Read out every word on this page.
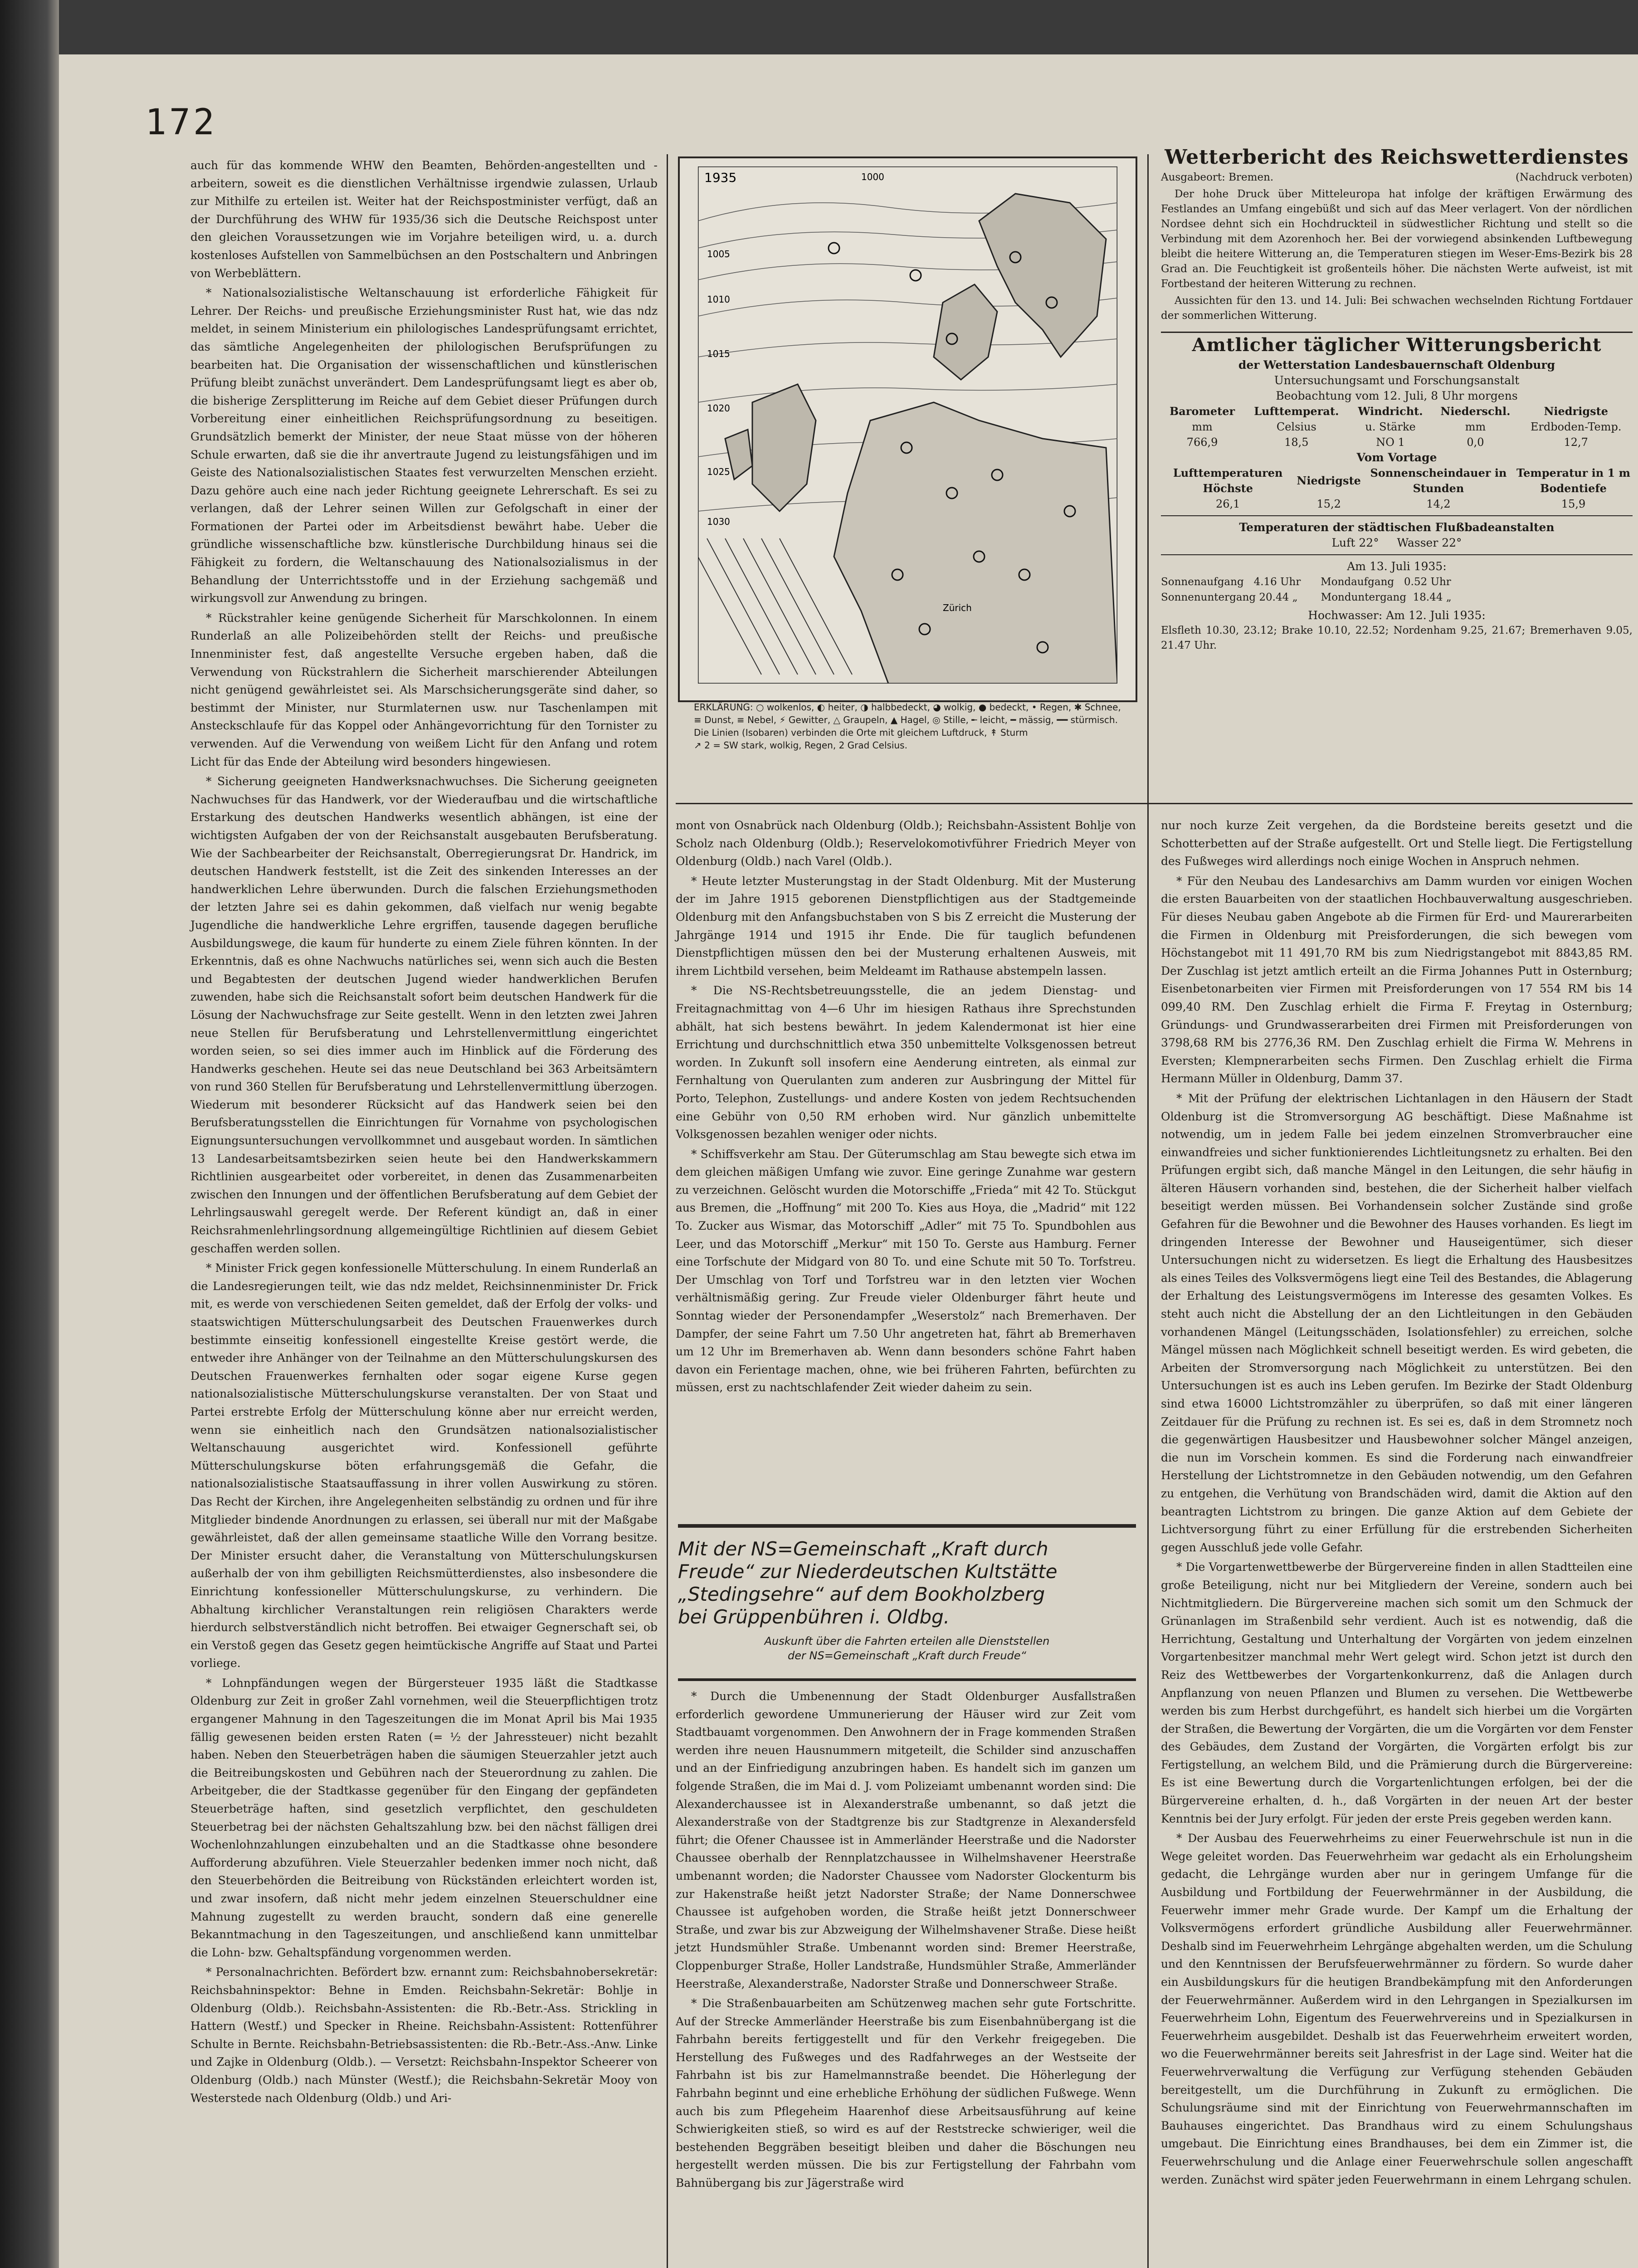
172

auch für das kommende WHW den Beamten, Behörden-angestellten und -arbeitern, soweit es die dienstlichen Verhältnisse irgendwie zulassen, Urlaub zur Mithilfe zu erteilen ist. Weiter hat der Reichspostminister verfügt, daß an der Durchführung des WHW für 1935/36 sich die Deutsche Reichspost unter den gleichen Voraussetzungen wie im Vorjahre beteiligen wird, u. a. durch kostenloses Aufstellen von Sammelbüchsen an den Postschaltern und Anbringen von Werbeblättern.

* Nationalsozialistische Weltanschauung ist erforderliche Fähigkeit für Lehrer. Der Reichs- und preußische Erziehungsminister Rust hat, wie das ndz meldet, in seinem Ministerium ein philologisches Landesprüfungsamt errichtet, das sämtliche Angelegenheiten der philologischen Berufsprüfungen zu bearbeiten hat. Die Organisation der wissenschaftlichen und künstlerischen Prüfung bleibt zunächst unverändert. Dem Landesprüfungsamt liegt es aber ob, die bisherige Zersplitterung im Reiche auf dem Gebiet dieser Prüfungen durch Vorbereitung einer einheitlichen Reichsprüfungsordnung zu beseitigen. Grundsätzlich bemerkt der Minister, der neue Staat müsse von der höheren Schule erwarten, daß sie die ihr anvertraute Jugend zu leistungsfähigen und im Geiste des Nationalsozialistischen Staates fest verwurzelten Menschen erzieht. Dazu gehöre auch eine nach jeder Richtung geeignete Lehrerschaft. Es sei zu verlangen, daß der Lehrer seinen Willen zur Gefolgschaft in einer der Formationen der Partei oder im Arbeitsdienst bewährt habe. Ueber die gründliche wissenschaftliche bzw. künstlerische Durchbildung hinaus sei die Fähigkeit zu fordern, die Weltanschauung des Nationalsozialismus in der Behandlung der Unterrichtsstoffe und in der Erziehung sachgemäß und wirkungsvoll zur Anwendung zu bringen.

* Rückstrahler keine genügende Sicherheit für Marschkolonnen. In einem Runderlaß an alle Polizeibehörden stellt der Reichs- und preußische Innenminister fest, daß angestellte Versuche ergeben haben, daß die Verwendung von Rückstrahlern die Sicherheit marschierender Abteilungen nicht genügend gewährleistet sei. Als Marschsicherungsgeräte sind daher, so bestimmt der Minister, nur Sturmlaternen usw. nur Taschenlampen mit Ansteckschlaufe für das Koppel oder Anhängevorrichtung für den Tornister zu verwenden. Auf die Verwendung von weißem Licht für den Anfang und rotem Licht für das Ende der Abteilung wird besonders hingewiesen.

* Sicherung geeigneten Handwerksnachwuchses. Die Sicherung geeigneten Nachwuchses für das Handwerk, vor der Wiederaufbau und die wirtschaftliche Erstarkung des deutschen Handwerks wesentlich abhängen, ist eine der wichtigsten Aufgaben der von der Reichsanstalt ausgebauten Berufsberatung. Wie der Sachbearbeiter der Reichsanstalt, Oberregierungsrat Dr. Handrick, im deutschen Handwerk feststellt, ist die Zeit des sinkenden Interesses an der handwerklichen Lehre überwunden. Durch die falschen Erziehungsmethoden der letzten Jahre sei es dahin gekommen, daß vielfach nur wenig begabte Jugendliche die handwerkliche Lehre ergriffen, tausende dagegen berufliche Ausbildungswege, die kaum für hunderte zu einem Ziele führen könnten. In der Erkenntnis, daß es ohne Nachwuchs natürliches sei, wenn sich auch die Besten und Begabtesten der deutschen Jugend wieder handwerklichen Berufen zuwenden, habe sich die Reichsanstalt sofort beim deutschen Handwerk für die Lösung der Nachwuchsfrage zur Seite gestellt. Wenn in den letzten zwei Jahren neue Stellen für Berufsberatung und Lehrstellenvermittlung eingerichtet worden seien, so sei dies immer auch im Hinblick auf die Förderung des Handwerks geschehen. Heute sei das neue Deutschland bei 363 Arbeitsämtern von rund 360 Stellen für Berufsberatung und Lehrstellenvermittlung überzogen. Wiederum mit besonderer Rücksicht auf das Handwerk seien bei den Berufsberatungsstellen die Einrichtungen für Vornahme von psychologischen Eignungsuntersuchungen vervollkommnet und ausgebaut worden. In sämtlichen 13 Landesarbeitsamtsbezirken seien heute bei den Handwerkskammern Richtlinien ausgearbeitet oder vorbereitet, in denen das Zusammenarbeiten zwischen den Innungen und der öffentlichen Berufsberatung auf dem Gebiet der Lehrlingsauswahl geregelt werde. Der Referent kündigt an, daß in einer Reichsrahmenlehrlingsordnung allgemeingültige Richtlinien auf diesem Gebiet geschaffen werden sollen.

* Minister Frick gegen konfessionelle Mütterschulung. In einem Runderlaß an die Landesregierungen teilt, wie das ndz meldet, Reichsinnenminister Dr. Frick mit, es werde von verschiedenen Seiten gemeldet, daß der Erfolg der volks- und staatswichtigen Mütterschulungsarbeit des Deutschen Frauenwerkes durch bestimmte einseitig konfessionell eingestellte Kreise gestört werde, die entweder ihre Anhänger von der Teilnahme an den Mütterschulungskursen des Deutschen Frauenwerkes fernhalten oder sogar eigene Kurse gegen nationalsozialistische Mütterschulungskurse veranstalten. Der von Staat und Partei erstrebte Erfolg der Mütterschulung könne aber nur erreicht werden, wenn sie einheitlich nach den Grundsätzen nationalsozialistischer Weltanschauung ausgerichtet wird. Konfessionell geführte Mütterschulungskurse böten erfahrungsgemäß die Gefahr, die nationalsozialistische Staatsauffassung in ihrer vollen Auswirkung zu stören. Das Recht der Kirchen, ihre Angelegenheiten selbständig zu ordnen und für ihre Mitglieder bindende Anordnungen zu erlassen, sei überall nur mit der Maßgabe gewährleistet, daß der allen gemeinsame staatliche Wille den Vorrang besitze. Der Minister ersucht daher, die Veranstaltung von Mütterschulungskursen außerhalb der von ihm gebilligten Reichsmütterdienstes, also insbesondere die Einrichtung konfessioneller Mütterschulungskurse, zu verhindern. Die Abhaltung kirchlicher Veranstaltungen rein religiösen Charakters werde hierdurch selbstverständlich nicht betroffen. Bei etwaiger Gegnerschaft sei, ob ein Verstoß gegen das Gesetz gegen heimtückische Angriffe auf Staat und Partei vorliege.

* Lohnpfändungen wegen der Bürgersteuer 1935 läßt die Stadtkasse Oldenburg zur Zeit in großer Zahl vornehmen, weil die Steuerpflichtigen trotz ergangener Mahnung in den Tageszeitungen die im Monat April bis Mai 1935 fällig gewesenen beiden ersten Raten (= ½ der Jahressteuer) nicht bezahlt haben. Neben den Steuerbeträgen haben die säumigen Steuerzahler jetzt auch die Beitreibungskosten und Gebühren nach der Steuerordnung zu zahlen. Die Arbeitgeber, die der Stadtkasse gegenüber für den Eingang der gepfändeten Steuerbeträge haften, sind gesetzlich verpflichtet, den geschuldeten Steuerbetrag bei der nächsten Gehaltszahlung bzw. bei den nächst fälligen drei Wochenlohnzahlungen einzubehalten und an die Stadtkasse ohne besondere Aufforderung abzuführen. Viele Steuerzahler bedenken immer noch nicht, daß den Steuerbehörden die Beitreibung von Rückständen erleichtert worden ist, und zwar insofern, daß nicht mehr jedem einzelnen Steuerschuldner eine Mahnung zugestellt zu werden braucht, sondern daß eine generelle Bekanntmachung in den Tageszeitungen, und anschließend kann unmittelbar die Lohn- bzw. Gehaltspfändung vorgenommen werden.

* Personalnachrichten. Befördert bzw. ernannt zum: Reichsbahnobersekretär: Reichsbahninspektor: Behne in Emden. Reichsbahn-Sekretär: Bohlje in Oldenburg (Oldb.). Reichsbahn-Assistenten: die Rb.-Betr.-Ass. Strickling in Hattern (Westf.) und Specker in Rheine. Reichsbahn-Assistent: Rottenführer Schulte in Bernte. Reichsbahn-Betriebsassistenten: die Rb.-Betr.-Ass.-Anw. Linke und Zajke in Oldenburg (Oldb.). — Versetzt: Reichsbahn-Inspektor Scheerer von Oldenburg (Oldb.) nach Münster (Westf.); die Reichsbahn-Sekretär Mooy von Westerstede nach Oldenburg (Oldb.) und Ari-

1935	1000
1005
1010
1015
1020
1025
1030
Zürich
ERKLÄRUNG: ○ wolkenlos, ◐ heiter, ◑ halbbedeckt, ◕ wolkig, ● bedeckt, • Regen, ✱ Schnee, ≡ Dunst, ≡ Nebel, ⚡ Gewitter, △ Graupeln, ▲ Hagel, ◎ Stille, ╾ leicht, ━ mässig, ━━ stürmisch. Die Linien (Isobaren) verbinden die Orte mit gleichem Luftdruck, ↟ Sturm
↗ 2 = SW stark, wolkig, Regen, 2 Grad Celsius.
Wetterbericht des Reichswetterdienstes
Ausgabeort: Bremen.	(Nachdruck verboten)

Der hohe Druck über Mitteleuropa hat infolge der kräftigen Erwärmung des Festlandes an Umfang eingebüßt und sich auf das Meer verlagert. Von der nördlichen Nordsee dehnt sich ein Hochdruckteil in südwestlicher Richtung und stellt so die Verbindung mit dem Azorenhoch her. Bei der vorwiegend absinkenden Luftbewegung bleibt die heitere Witterung an, die Temperaturen stiegen im Weser-Ems-Bezirk bis 28 Grad an. Die Feuchtigkeit ist großenteils höher. Die nächsten Werte aufweist, ist mit Fortbestand der heiteren Witterung zu rechnen.

Aussichten für den 13. und 14. Juli: Bei schwachen wechselnden Richtung Fortdauer der sommerlichen Witterung.

Amtlicher täglicher Witterungsbericht
der Wetterstation Landesbauernschaft Oldenburg
Untersuchungsamt und Forschungsanstalt
Beobachtung vom 12. Juli, 8 Uhr morgens
Barometer	Lufttemperat.	Windricht.	Niederschl.	Niedrigste
mm	Celsius	u. Stärke	mm	Erdboden-Temp.
766,9	18,5	NO 1	0,0	12,7
Vom Vortage
Lufttemperaturen Höchste	Niedrigste	Sonnenscheindauer in Stunden	Temperatur in 1 m Bodentiefe
26,1	15,2	14,2	15,9
Temperaturen der städtischen Flußbadeanstalten
Luft 22°     Wasser 22°
Am 13. Juli 1935:
Sonnenaufgang   4.16 Uhr      Mondaufgang   0.52 Uhr
Sonnenuntergang 20.44 „       Monduntergang  18.44 „
Hochwasser: Am 12. Juli 1935:
Elsfleth 10.30, 23.12; Brake 10.10, 22.52; Nordenham 9.25, 21.67; Bremerhaven 9.05, 21.47 Uhr.

mont von Osnabrück nach Oldenburg (Oldb.); Reichsbahn-Assistent Bohlje von Scholz nach Oldenburg (Oldb.); Reservelokomotivführer Friedrich Meyer von Oldenburg (Oldb.) nach Varel (Oldb.).

* Heute letzter Musterungstag in der Stadt Oldenburg. Mit der Musterung der im Jahre 1915 geborenen Dienstpflichtigen aus der Stadtgemeinde Oldenburg mit den Anfangsbuchstaben von S bis Z erreicht die Musterung der Jahrgänge 1914 und 1915 ihr Ende. Die für tauglich befundenen Dienstpflichtigen müssen den bei der Musterung erhaltenen Ausweis, mit ihrem Lichtbild versehen, beim Meldeamt im Rathause abstempeln lassen.

* Die NS-Rechtsbetreuungsstelle, die an jedem Dienstag- und Freitagnachmittag von 4—6 Uhr im hiesigen Rathaus ihre Sprechstunden abhält, hat sich bestens bewährt. In jedem Kalendermonat ist hier eine Errichtung und durchschnittlich etwa 350 unbemittelte Volksgenossen betreut worden. In Zukunft soll insofern eine Aenderung eintreten, als einmal zur Fernhaltung von Querulanten zum anderen zur Ausbringung der Mittel für Porto, Telephon, Zustellungs- und andere Kosten von jedem Rechtsuchenden eine Gebühr von 0,50 RM erhoben wird. Nur gänzlich unbemittelte Volksgenossen bezahlen weniger oder nichts.

* Schiffsverkehr am Stau. Der Güterumschlag am Stau bewegte sich etwa im dem gleichen mäßigen Umfang wie zuvor. Eine geringe Zunahme war gestern zu verzeichnen. Gelöscht wurden die Motorschiffe „Frieda“ mit 42 To. Stückgut aus Bremen, die „Hoffnung“ mit 200 To. Kies aus Hoya, die „Madrid“ mit 122 To. Zucker aus Wismar, das Motorschiff „Adler“ mit 75 To. Spundbohlen aus Leer, und das Motorschiff „Merkur“ mit 150 To. Gerste aus Hamburg. Ferner eine Torfschute der Midgard von 80 To. und eine Schute mit 50 To. Torfstreu. Der Umschlag von Torf und Torfstreu war in den letzten vier Wochen verhältnismäßig gering. Zur Freude vieler Oldenburger fährt heute und Sonntag wieder der Personendampfer „Weserstolz“ nach Bremerhaven. Der Dampfer, der seine Fahrt um 7.50 Uhr angetreten hat, fährt ab Bremerhaven um 12 Uhr im Bremerhaven ab. Wenn dann besonders schöne Fahrt haben davon ein Ferientage machen, ohne, wie bei früheren Fahrten, befürchten zu müssen, erst zu nachtschlafender Zeit wieder daheim zu sein.

Mit der NS=Gemeinschaft „Kraft durch
Freude“ zur Niederdeutschen Kultstätte
„Stedingsehre“ auf dem Bookholzberg
bei Grüppenbühren i. Oldbg.
Auskunft über die Fahrten erteilen alle Dienststellen
der NS=Gemeinschaft „Kraft durch Freude“

* Durch die Umbenennung der Stadt Oldenburger Ausfallstraßen erforderlich gewordene Ummunerierung der Häuser wird zur Zeit vom Stadtbauamt vorgenommen. Den Anwohnern der in Frage kommenden Straßen werden ihre neuen Hausnummern mitgeteilt, die Schilder sind anzuschaffen und an der Einfriedigung anzubringen haben. Es handelt sich im ganzen um folgende Straßen, die im Mai d. J. vom Polizeiamt umbenannt worden sind: Die Alexanderchaussee ist in Alexanderstraße umbenannt, so daß jetzt die Alexanderstraße von der Stadtgrenze bis zur Stadtgrenze in Alexandersfeld führt; die Ofener Chaussee ist in Ammerländer Heerstraße und die Nadorster Chaussee oberhalb der Rennplatzchaussee in Wilhelmshavener Heerstraße umbenannt worden; die Nadorster Chaussee vom Nadorster Glockenturm bis zur Hakenstraße heißt jetzt Nadorster Straße; der Name Donnerschwee Chaussee ist aufgehoben worden, die Straße heißt jetzt Donnerschweer Straße, und zwar bis zur Abzweigung der Wilhelmshavener Straße. Diese heißt jetzt Hundsmühler Straße. Umbenannt worden sind: Bremer Heerstraße, Cloppenburger Straße, Holler Landstraße, Hundsmühler Straße, Ammerländer Heerstraße, Alexanderstraße, Nadorster Straße und Donnerschweer Straße.

* Die Straßenbauarbeiten am Schützenweg machen sehr gute Fortschritte. Auf der Strecke Ammerländer Heerstraße bis zum Eisenbahnübergang ist die Fahrbahn bereits fertiggestellt und für den Verkehr freigegeben. Die Herstellung des Fußweges und des Radfahrweges an der Westseite der Fahrbahn ist bis zur Hamelmannstraße beendet. Die Höherlegung der Fahrbahn beginnt und eine erhebliche Erhöhung der südlichen Fußwege. Wenn auch bis zum Pflegeheim Haarenhof diese Arbeitsausführung auf keine Schwierigkeiten stieß, so wird es auf der Reststrecke schwieriger, weil die bestehenden Beggräben beseitigt bleiben und daher die Böschungen neu hergestellt werden müssen. Die bis zur Fertigstellung der Fahrbahn vom Bahnübergang bis zur Jägerstraße wird

nur noch kurze Zeit vergehen, da die Bordsteine bereits gesetzt und die Schotterbetten auf der Straße aufgestellt. Ort und Stelle liegt. Die Fertigstellung des Fußweges wird allerdings noch einige Wochen in Anspruch nehmen.

* Für den Neubau des Landesarchivs am Damm wurden vor einigen Wochen die ersten Bauarbeiten von der staatlichen Hochbauverwaltung ausgeschrieben. Für dieses Neubau gaben Angebote ab die Firmen für Erd- und Maurerarbeiten die Firmen in Oldenburg mit Preisforderungen, die sich bewegen vom Höchstangebot mit 11 491,70 RM bis zum Niedrigstangebot mit 8843,85 RM. Der Zuschlag ist jetzt amtlich erteilt an die Firma Johannes Putt in Osternburg; Eisenbetonarbeiten vier Firmen mit Preisforderungen von 17 554 RM bis 14 099,40 RM. Den Zuschlag erhielt die Firma F. Freytag in Osternburg; Gründungs- und Grundwasserarbeiten drei Firmen mit Preisforderungen von 3798,68 RM bis 2776,36 RM. Den Zuschlag erhielt die Firma W. Mehrens in Eversten; Klempnerarbeiten sechs Firmen. Den Zuschlag erhielt die Firma Hermann Müller in Oldenburg, Damm 37.

* Mit der Prüfung der elektrischen Lichtanlagen in den Häusern der Stadt Oldenburg ist die Stromversorgung AG beschäftigt. Diese Maßnahme ist notwendig, um in jedem Falle bei jedem einzelnen Stromverbraucher eine einwandfreies und sicher funktionierendes Lichtleitungsnetz zu erhalten. Bei den Prüfungen ergibt sich, daß manche Mängel in den Leitungen, die sehr häufig in älteren Häusern vorhanden sind, bestehen, die der Sicherheit halber vielfach beseitigt werden müssen. Bei Vorhandensein solcher Zustände sind große Gefahren für die Bewohner und die Bewohner des Hauses vorhanden. Es liegt im dringenden Interesse der Bewohner und Hauseigentümer, sich dieser Untersuchungen nicht zu widersetzen. Es liegt die Erhaltung des Hausbesitzes als eines Teiles des Volksvermögens liegt eine Teil des Bestandes, die Ablagerung der Erhaltung des Leistungsvermögens im Interesse des gesamten Volkes. Es steht auch nicht die Abstellung der an den Lichtleitungen in den Gebäuden vorhandenen Mängel (Leitungsschäden, Isolationsfehler) zu erreichen, solche Mängel müssen nach Möglichkeit schnell beseitigt werden. Es wird gebeten, die Arbeiten der Stromversorgung nach Möglichkeit zu unterstützen. Bei den Untersuchungen ist es auch ins Leben gerufen. Im Bezirke der Stadt Oldenburg sind etwa 16000 Lichtstromzähler zu überprüfen, so daß mit einer längeren Zeitdauer für die Prüfung zu rechnen ist. Es sei es, daß in dem Stromnetz noch die gegenwärtigen Hausbesitzer und Hausbewohner solcher Mängel anzeigen, die nun im Vorschein kommen. Es sind die Forderung nach einwandfreier Herstellung der Lichtstromnetze in den Gebäuden notwendig, um den Gefahren zu entgehen, die Verhütung von Brandschäden wird, damit die Aktion auf den beantragten Lichtstrom zu bringen. Die ganze Aktion auf dem Gebiete der Lichtversorgung führt zu einer Erfüllung für die erstrebenden Sicherheiten gegen Ausschluß jede volle Gefahr.

* Die Vorgartenwettbewerbe der Bürgervereine finden in allen Stadtteilen eine große Beteiligung, nicht nur bei Mitgliedern der Vereine, sondern auch bei Nichtmitgliedern. Die Bürgervereine machen sich somit um den Schmuck der Grünanlagen im Straßenbild sehr verdient. Auch ist es notwendig, daß die Herrichtung, Gestaltung und Unterhaltung der Vorgärten von jedem einzelnen Vorgartenbesitzer manchmal mehr Wert gelegt wird. Schon jetzt ist durch den Reiz des Wettbewerbes der Vorgartenkonkurrenz, daß die Anlagen durch Anpflanzung von neuen Pflanzen und Blumen zu versehen. Die Wettbewerbe werden bis zum Herbst durchgeführt, es handelt sich hierbei um die Vorgärten der Straßen, die Bewertung der Vorgärten, die um die Vorgärten vor dem Fenster des Gebäudes, dem Zustand der Vorgärten, die Vorgärten erfolgt bis zur Fertigstellung, an welchem Bild, und die Prämierung durch die Bürgervereine: Es ist eine Bewertung durch die Vorgartenlichtungen erfolgen, bei der die Bürgervereine erhalten, d. h., daß Vorgärten in der neuen Art der bester Kenntnis bei der Jury erfolgt. Für jeden der erste Preis gegeben werden kann.

* Der Ausbau des Feuerwehrheims zu einer Feuerwehrschule ist nun in die Wege geleitet worden. Das Feuerwehrheim war gedacht als ein Erholungsheim gedacht, die Lehrgänge wurden aber nur in geringem Umfange für die Ausbildung und Fortbildung der Feuerwehrmänner in der Ausbildung, die Feuerwehr immer mehr Grade wurde. Der Kampf um die Erhaltung der Volksvermögens erfordert gründliche Ausbildung aller Feuerwehrmänner. Deshalb sind im Feuerwehrheim Lehrgänge abgehalten werden, um die Schulung und den Kenntnissen der Berufsfeuerwehrmänner zu fördern. So wurde daher ein Ausbildungskurs für die heutigen Brandbekämpfung mit den Anforderungen der Feuerwehrmänner. Außerdem wird in den Lehrgangen in Spezialkursen im Feuerwehrheim Lohn, Eigentum des Feuerwehrvereins und in Spezialkursen in Feuerwehrheim ausgebildet. Deshalb ist das Feuerwehrheim erweitert worden, wo die Feuerwehrmänner bereits seit Jahresfrist in der Lage sind. Weiter hat die Feuerwehrverwaltung die Verfügung zur Verfügung stehenden Gebäuden bereitgestellt, um die Durchführung in Zukunft zu ermöglichen. Die Schulungsräume sind mit der Einrichtung von Feuerwehrmannschaften im Bauhauses eingerichtet. Das Brandhaus wird zu einem Schulungshaus umgebaut. Die Einrichtung eines Brandhauses, bei dem ein Zimmer ist, die Feuerwehrschulung und die Anlage einer Feuerwehrschule sollen angeschafft werden. Zunächst wird später jeden Feuerwehrmann in einem Lehrgang schulen.
